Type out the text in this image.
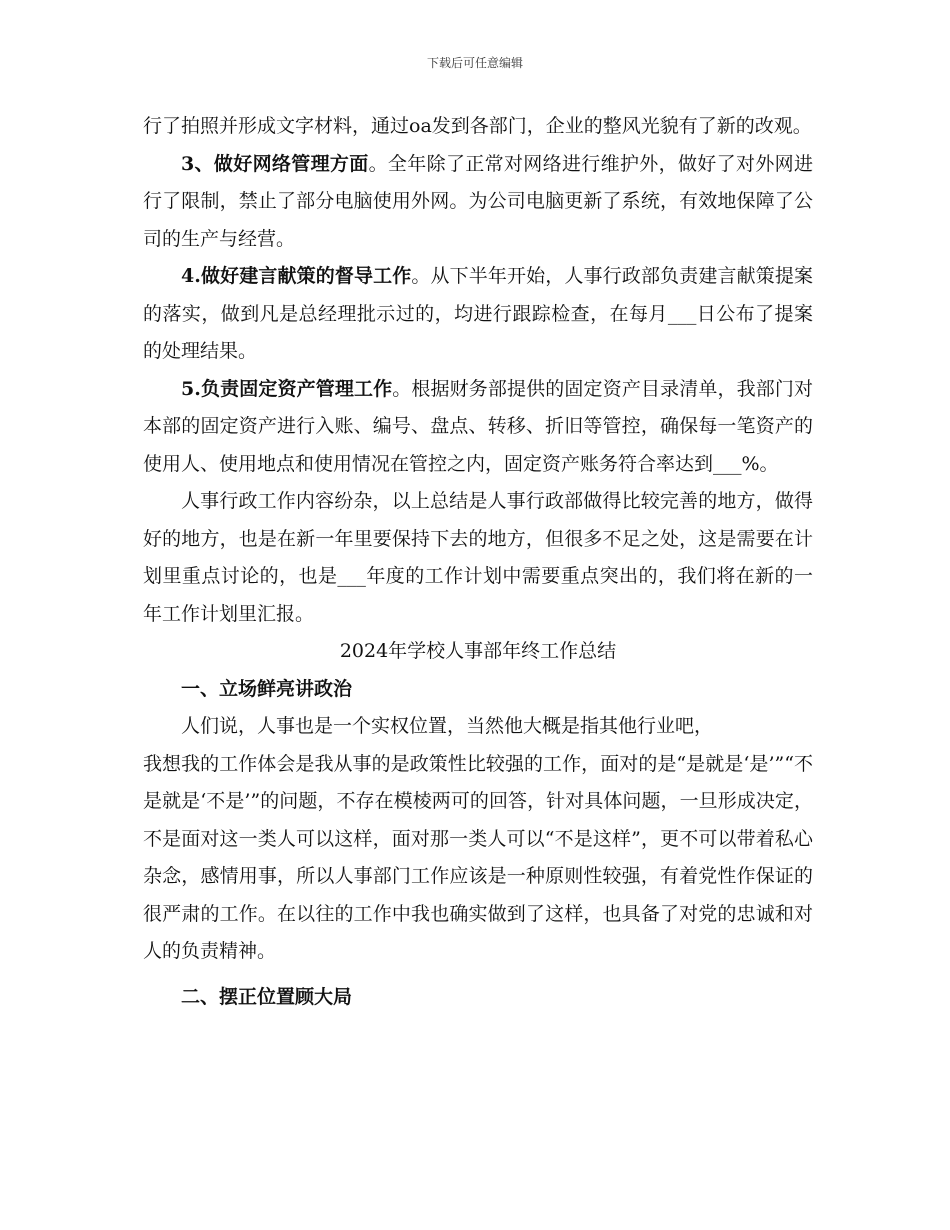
下载后可任意编辑

行了拍照并形成文字材料，通过oa发到各部门，企业的整风光貌有了新的改观。

3、做好网络管理方面。全年除了正常对网络进行维护外，做好了对外网进行了限制，禁止了部分电脑使用外网。为公司电脑更新了系统，有效地保障了公司的生产与经营。

4.做好建言献策的督导工作。从下半年开始，人事行政部负责建言献策提案的落实，做到凡是总经理批示过的，均进行跟踪检查，在每月___日公布了提案的处理结果。

5.负责固定资产管理工作。根据财务部提供的固定资产目录清单，我部门对本部的固定资产进行入账、编号、盘点、转移、折旧等管控，确保每一笔资产的使用人、使用地点和使用情况在管控之内，固定资产账务符合率达到___%。

人事行政工作内容纷杂，以上总结是人事行政部做得比较完善的地方，做得好的地方，也是在新一年里要保持下去的地方，但很多不足之处，这是需要在计划里重点讨论的，也是___年度的工作计划中需要重点突出的，我们将在新的一年工作计划里汇报。

2024年学校人事部年终工作总结

一、立场鲜亮讲政治

人们说，人事也是一个实权位置，当然他大概是指其他行业吧，

我想我的工作体会是我从事的是政策性比较强的工作，面对的是“是就是‘是’”“不是就是‘不是’”的问题，不存在模棱两可的回答，针对具体问题，一旦形成决定，不是面对这一类人可以这样，面对那一类人可以“不是这样”，更不可以带着私心杂念，感情用事，所以人事部门工作应该是一种原则性较强，有着党性作保证的很严肃的工作。在以往的工作中我也确实做到了这样，也具备了对党的忠诚和对人的负责精神。

二、摆正位置顾大局
